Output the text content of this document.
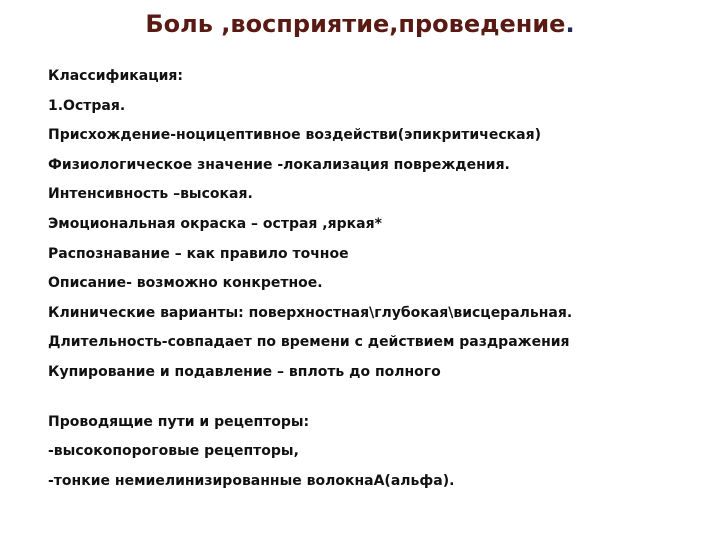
Боль ,восприятие,проведение.
Классификация:
1.Острая.
Присхождение-ноцицептивное воздействи(эпикритическая)
Физиологическое значение -локализация повреждения.
Интенсивность –высокая.
Эмоциональная окраска – острая ,яркая*
Распознавание – как правило точное
Описание- возможно конкретное.
Клинические варианты: поверхностная\глубокая\висцеральная.
Длительность-совпадает по времени с действием раздражения
Купирование и подавление – вплоть до полного
Проводящие пути и рецепторы:
-высокопороговые рецепторы,
-тонкие немиелинизированные волокнаA(альфа).
